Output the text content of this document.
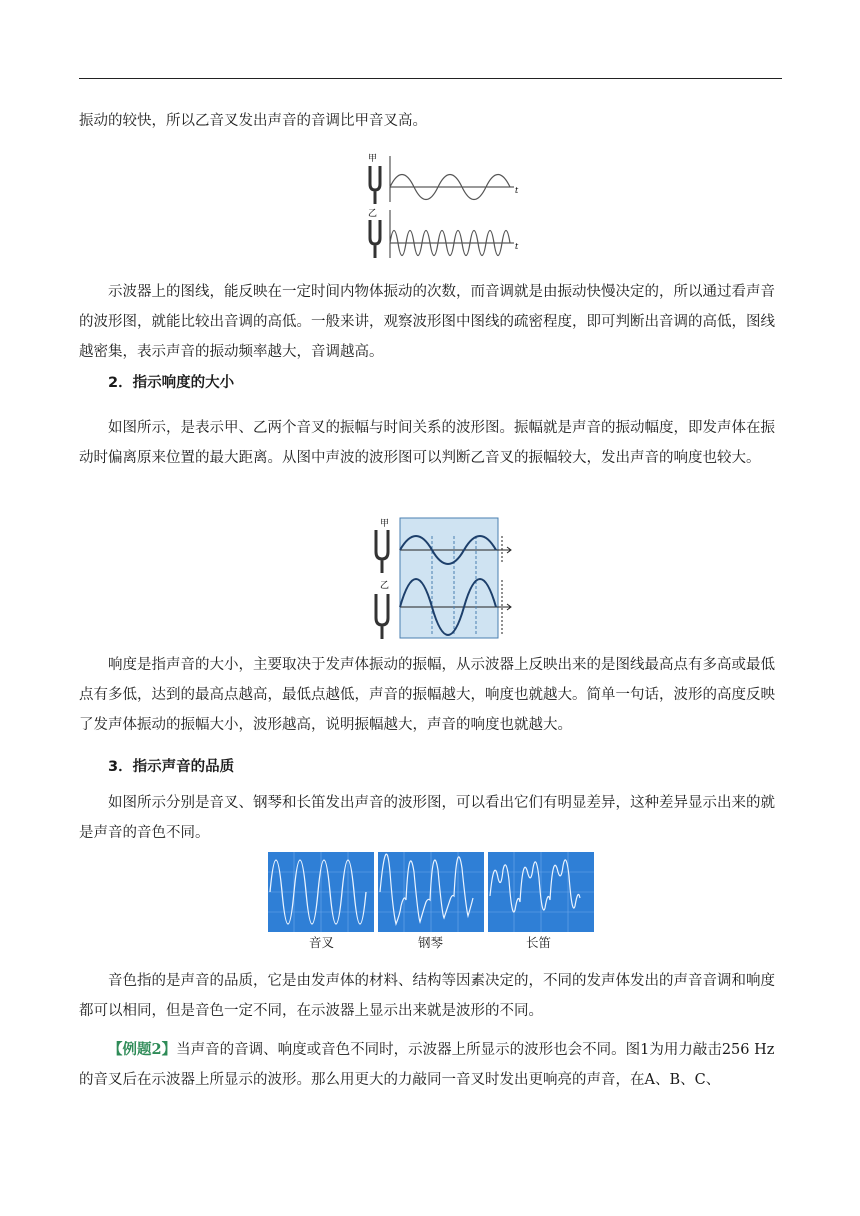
振动的较快，所以乙音叉发出声音的音调比甲音叉高。

甲
t
乙
t

示波器上的图线，能反映在一定时间内物体振动的次数，而音调就是由振动快慢决定的，所以通过看声音的波形图，就能比较出音调的高低。一般来讲，观察波形图中图线的疏密程度，即可判断出音调的高低，图线越密集，表示声音的振动频率越大，音调越高。

2．指示响度的大小

如图所示，是表示甲、乙两个音叉的振幅与时间关系的波形图。振幅就是声音的振动幅度，即发声体在振动时偏离原来位置的最大距离。从图中声波的波形图可以判断乙音叉的振幅较大，发出声音的响度也较大。

甲
乙

响度是指声音的大小，主要取决于发声体振动的振幅，从示波器上反映出来的是图线最高点有多高或最低点有多低，达到的最高点越高，最低点越低，声音的振幅越大，响度也就越大。简单一句话，波形的高度反映了发声体振动的振幅大小，波形越高，说明振幅越大，声音的响度也就越大。

3．指示声音的品质

如图所示分别是音叉、钢琴和长笛发出声音的波形图，可以看出它们有明显差异，这种差异显示出来的就是声音的音色不同。

音叉	钢琴	长笛

音色指的是声音的品质，它是由发声体的材料、结构等因素决定的，不同的发声体发出的声音音调和响度都可以相同，但是音色一定不同，在示波器上显示出来就是波形的不同。

【例题2】当声音的音调、响度或音色不同时，示波器上所显示的波形也会不同。图1为用力敲击256 Hz的音叉后在示波器上所显示的波形。那么用更大的力敲同一音叉时发出更响亮的声音，在A、B、C、
